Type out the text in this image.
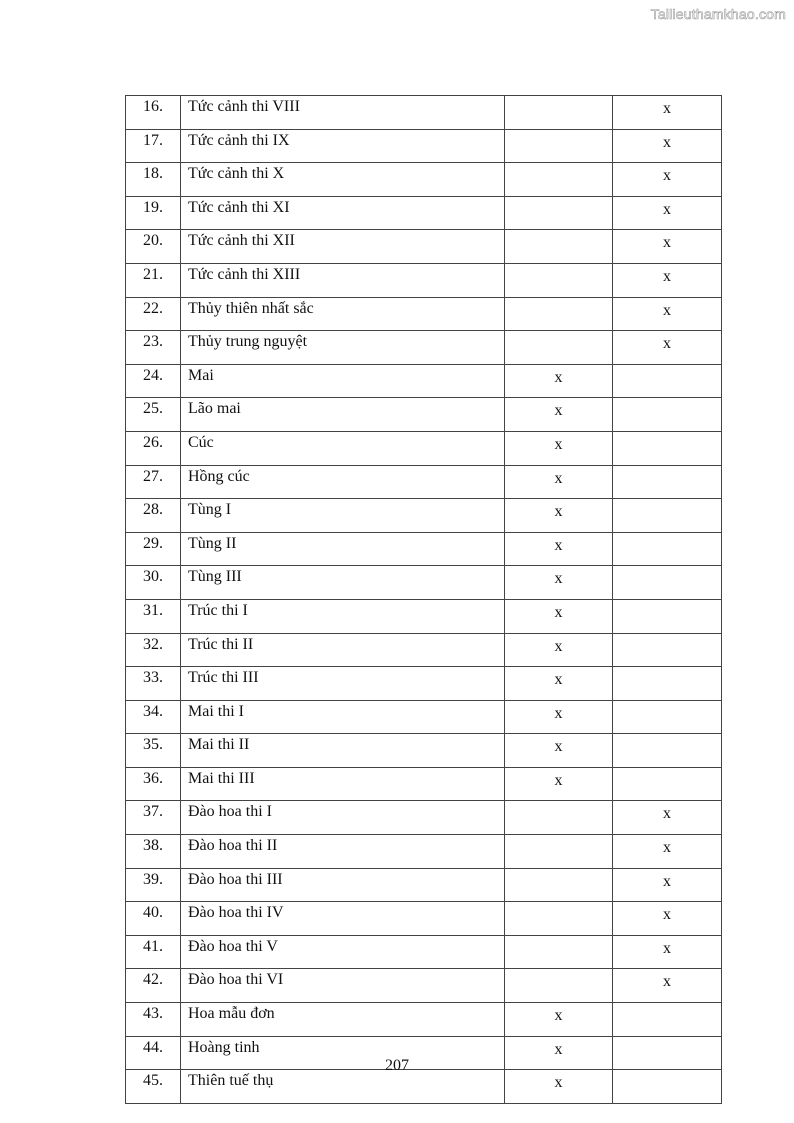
Tailieuthamkhao.com
16.	Tức cảnh thi VIII		x
17.	Tức cảnh thi IX		x
18.	Tức cảnh thi X		x
19.	Tức cảnh thi XI		x
20.	Tức cảnh thi XII		x
21.	Tức cảnh thi XIII		x
22.	Thủy thiên nhất sắc		x
23.	Thủy trung nguyệt		x
24.	Mai	x	
25.	Lão mai	x	
26.	Cúc	x	
27.	Hồng cúc	x	
28.	Tùng I	x	
29.	Tùng II	x	
30.	Tùng III	x	
31.	Trúc thi I	x	
32.	Trúc thi II	x	
33.	Trúc thi III	x	
34.	Mai thi I	x	
35.	Mai thi II	x	
36.	Mai thi III	x	
37.	Đào hoa thi I		x
38.	Đào hoa thi II		x
39.	Đào hoa thi III		x
40.	Đào hoa thi IV		x
41.	Đào hoa thi V		x
42.	Đào hoa thi VI		x
43.	Hoa mẫu đơn	x	
44.	Hoàng tinh	x	
45.	Thiên tuế thụ	x	
207
